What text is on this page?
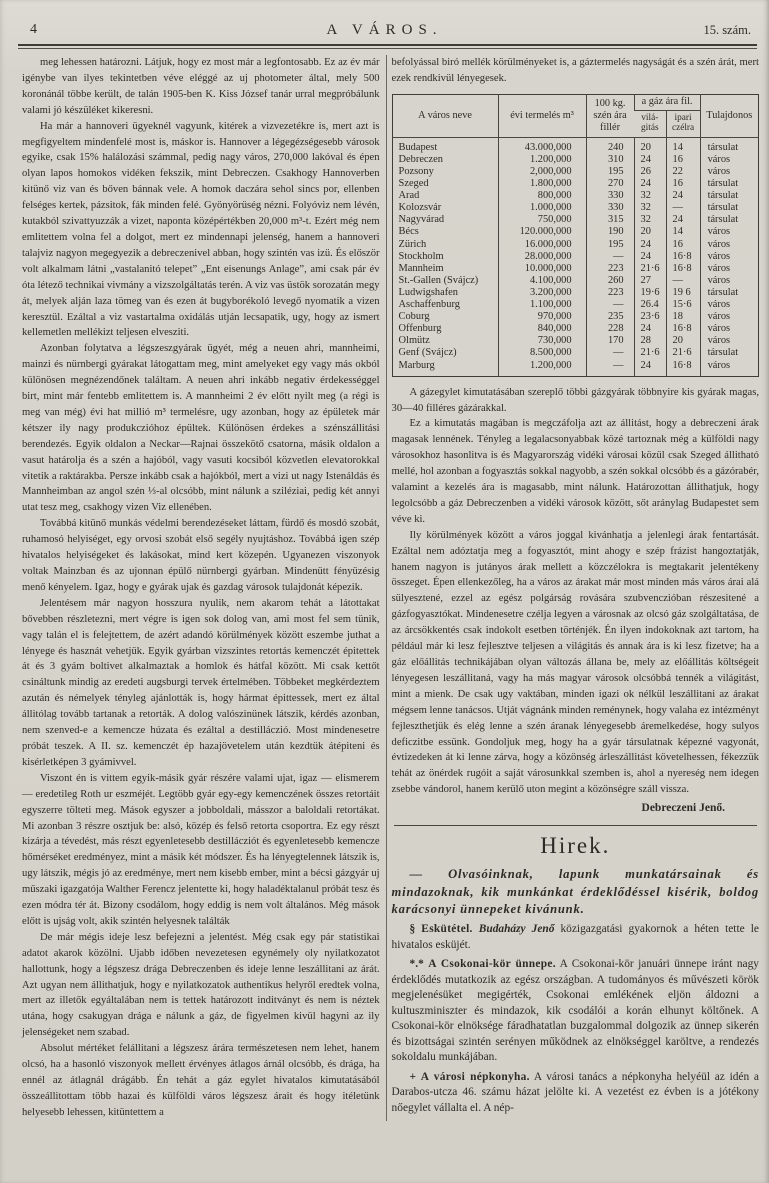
4	A VÁROS.	15. szám.

meg lehessen határozni. Látjuk, hogy ez most már a legfontosabb. Ez az év már igénybe van ilyes tekintetben véve eléggé az uj photometer által, mely 500 koronánál többe került, de talán 1905-ben K. Kiss József tanár urral megpróbálunk valami jó készüléket kikeresni.

Ha már a hannoveri ügyeknél vagyunk, kitérek a vizvezetékre is, mert azt is megfigyeltem mindenfelé most is, máskor is. Hannover a légegézségesebb városok egyike, csak 15% halálozási számmal, pedig nagy város, 270,000 lakóval és épen olyan lapos homokos vidéken fekszik, mint Debreczen. Csakhogy Hannoverben kitünő viz van és bőven bánnak vele. A homok daczára sehol sincs por, ellenben felséges kertek, pázsitok, fák minden felé. Gyönyörüség nézni. Folyóviz nem lévén, kutakból szivattyuzzák a vizet, naponta középértékben 20,000 m³-t. Ezért még nem emlitettem volna fel a dolgot, mert ez mindennapi jelenség, hanem a hannoveri talajviz nagyon megegyezik a debreczenivel abban, hogy szintén vas izü. És először volt alkalmam látni „vastalanitó telepet” „Ent eisenungs Anlage”, ami csak pár év óta létező technikai vivmány a vizszolgáltatás terén. A viz vas üstök sorozatán megy át, melyek alján laza tömeg van és ezen át bugyborékoló levegő nyomatik a vizen keresztül. Ezáltal a viz vastartalma oxidálás utján lecsapatik, ugy, hogy az ismert kellemetlen mellékizt teljesen elvesziti.

Azonban folytatva a légszeszgyárak ügyét, még a neuen ahri, mannheimi, mainzi és nürnbergi gyárakat látogattam meg, mint amelyeket egy vagy más okból különösen megnézendőnek találtam. A neuen ahri inkább negativ érdekességgel birt, mint már fentebb emlitettem is. A mannheimi 2 év előtt nyilt meg (a régi is meg van még) évi hat millió m³ termelésre, ugy azonban, hogy az épületek már kétszer ily nagy produkczióhoz épültek. Különösen érdekes a szénszállitási berendezés. Egyik oldalon a Neckar—Rajnai összekötő csatorna, másik oldalon a vasut határolja és a szén a hajóból, vagy vasuti kocsiból közvetlen elevatorokkal vitetik a raktárakba. Persze inkább csak a hajókból, mert a vizi ut nagy Istenáldás és Mannheimban az angol szén ⅓-al olcsóbb, mint nálunk a sziléziai, pedig két annyi utat tesz meg, csakhogy vizen Viz ellenében.

Továbbá kitünő munkás védelmi berendezéseket láttam, fürdő és mosdó szobát, ruhamosó helyiséget, egy orvosi szobát első segély nyujtáshoz. Továbbá igen szép hivatalos helyiségeket és lakásokat, mind kert közepén. Ugyanezen viszonyok voltak Mainzban és az ujonnan épülő nürnbergi gyárban. Mindenütt fényüzésig menő kényelem. Igaz, hogy e gyárak ujak és gazdag városok tulajdonát képezik.

Jelentésem már nagyon hosszura nyulik, nem akarom tehát a látottakat bővebben részletezni, mert végre is igen sok dolog van, ami most fel sem tünik, vagy talán el is felejtettem, de azért adandó körülmények között eszembe juthat a lényege és hasznát vehetjük. Egyik gyárban vizszintes retortás kemenczét épitettek át és 3 gyám boltivet alkalmaztak a homlok és hátfal között. Mi csak kettőt csináltunk mindig az eredeti augsburgi tervek értelmében. Többeket megkérdeztem azután és némelyek tényleg ajánlották is, hogy hármat épittessek, mert ez által állitólag tovább tartanak a retorták. A dolog valószinünek látszik, kérdés azonban, nem szenved-e a kemencze húzata és ezáltal a destilláczió. Most mindenesetre próbát teszek. A II. sz. kemenczét ép hazajövetelem után kezdtük átépiteni és kisérletképen 3 gyámivvel.

Viszont én is vittem egyik-másik gyár részére valami ujat, igaz — elismerem — eredetileg Roth ur eszméjét. Legtöbb gyár egy-egy kemenczének összes retortáit egyszerre tölteti meg. Mások egyszer a jobboldali, másszor a baloldali retortákat. Mi azonban 3 részre osztjuk be: alsó, közép és felső retorta csoportra. Ez egy részt kizárja a tévedést, más részt egyenletesebb destillácziót és egyenletesebb kemencze hőmérséket eredményez, mint a másik két módszer. És ha lényegtelennek látszik is, ugy látszik, mégis jó az eredménye, mert nem kisebb ember, mint a bécsi gázgyár uj műszaki igazgatója Walther Ferencz jelentette ki, hogy haladéktalanul próbát tesz és ezen módra tér át. Bizony csodálom, hogy eddig is nem volt általános. Még mások előtt is ujság volt, akik szintén helyesnek találták

De már mégis ideje lesz befejezni a jelentést. Még csak egy pár statistikai adatot akarok közölni. Ujabb időben nevezetesen egynémely oly nyilatkozatot hallottunk, hogy a légszesz drága Debreczenben és ideje lenne leszállitani az árát. Azt ugyan nem állithatjuk, hogy e nyilatkozatok authentikus helyről eredtek volna, mert az illetők egyáltalában nem is tettek határozott inditványt és nem is néztek utána, hogy csakugyan drága e nálunk a gáz, de figyelmen kivül hagyni az ily jelenségeket nem szabad.

Absolut mértéket felállitani a légszesz árára természetesen nem lehet, hanem olcsó, ha a hasonló viszonyok mellett érvényes átlagos árnál olcsóbb, és drága, ha ennél az átlagnál drágább. Én tehát a gáz egylet hivatalos kimutatásából összeállitottam több hazai és külföldi város légszesz árait és hogy itéletünk helyesebb lehessen, kitüntettem a

befolyással biró mellék körülményeket is, a gáztermelés nagyságát és a szén árát, mert ezek rendkivül lényegesek.

A város neve	évi termelés m³	100 kg. szén ára fillér	a gáz ára fil.		Tulajdonos
			vilá- gitás	ipari czélra	
Budapest	43.000,000	240	20	14	társulat
Debreczen	1.200,000	310	24	16	város
Pozsony	2,000,000	195	26	22	város
Szeged	1.800,000	270	24	16	társulat
Arad	800,000	330	32	24	társulat
Kolozsvár	1.000,000	330	32	—	társulat
Nagyvárad	750,000	315	32	24	társulat
Bécs	120.000,000	190	20	14	város
Zürich	16.000,000	195	24	16	város
Stockholm	28.000,000	—	24	16·8	város
Mannheim	10.000,000	223	21·6	16·8	város
St.-Gallen (Svájcz)	4.100,000	260	27	—	város
Ludwigshafen	3.200,000	223	19·6	19 6	társulat
Aschaffenburg	1.100,000	—	26.4	15·6	város
Coburg	970,000	235	23·6	18	város
Offenburg	840,000	228	24	16·8	város
Olmütz	730,000	170	28	20	város
Genf (Svájcz)	8.500,000	—	21·6	21·6	társulat
Marburg	1.200,000	—	24	16·8	város

A gázegylet kimutatásában szereplő többi gázgyárak többnyire kis gyárak magas, 30—40 filléres gázárakkal.

Ez a kimutatás magában is megczáfolja azt az állitást, hogy a debreczeni árak magasak lennének. Tényleg a legalacsonyabbak közé tartoznak még a külföldi nagy városokhoz hasonlitva is és Magyarország vidéki városai közül csak Szeged állitható mellé, hol azonban a fogyasztás sokkal nagyobb, a szén sokkal olcsóbb és a gázórabér, valamint a kezelés ára is magasabb, mint nálunk. Határozottan állithatjuk, hogy legolcsóbb a gáz Debreczenben a vidéki városok között, sőt aránylag Budapestet sem véve ki.

Ily körülmények között a város joggal kivánhatja a jelenlegi árak fentartását. Ezáltal nem adóztatja meg a fogyasztót, mint ahogy e szép frázist hangoztatják, hanem nagyon is jutányos árak mellett a közczélokra is megtakarit jelentékeny összeget. Épen ellenkezőleg, ha a város az árakat már most minden más város árai alá sülyesztené, ezzel az egész polgárság rovására szubvenczióban részesitené a gázfogyasztókat. Mindenesetre czélja legyen a városnak az olcsó gáz szolgáltatása, de az árcsökkentés csak indokolt esetben történjék. Én ilyen indokoknak azt tartom, ha például már ki lesz fejlesztve teljesen a világitás és annak ára is ki lesz fizetve; ha a gáz előállitás technikájában olyan változás állana be, mely az előállitás költségeit lényegesen leszállitaná, vagy ha más magyar városok olcsóbbá tennék a világitást, mint a mienk. De csak ugy vaktában, minden igazi ok nélkül leszállitani az árakat mégsem lenne tanácsos. Utját vágnánk minden reménynek, hogy valaha ez intézményt fejleszthetjük és elég lenne a szén áranak lényegesebb áremelkedése, hogy sulyos deficzitbe essünk. Gondoljuk meg, hogy ha a gyár társulatnak képezné vagyonát, évtizedeken át ki lenne zárva, hogy a közönség árleszállitást követelhessen, fékezzük tehát az önérdek rugóit a saját városunkkal szemben is, ahol a nyereség nem idegen zsebbe vándorol, hanem kerülő uton megint a közönségre száll vissza.

Debreczeni Jenő.

Hirek.

— Olvasóinknak, lapunk munkatársainak és mindazoknak, kik munkánkat érdeklődéssel kisérik, boldog karácsonyi ünnepeket kivánunk.

§ Eskütétel. Budaházy Jenő közigazgatási gyakornok a héten tette le hivatalos esküjét.

*.* A Csokonai-kör ünnepe. A Csokonai-kör januári ünnepe iránt nagy érdeklődés mutatkozik az egész országban. A tudományos és művészeti körök megjelenésüket megigérték, Csokonai emlékének eljön áldozni a kultuszminiszter és mindazok, kik csodálói a korán elhunyt költőnek. A Csokonai-kör elnöksége fáradhatatlan buzgalommal dolgozik az ünnep sikerén és bizottságai szintén serényen működnek az elnökséggel karöltve, a rendezés sokoldalu munkájában.

+ A városi népkonyha. A városi tanács a népkonyha helyéül az idén a Darabos-utcza 46. számu házat jelölte ki. A vezetést ez évben is a jótékony nőegylet vállalta el. A nép-
